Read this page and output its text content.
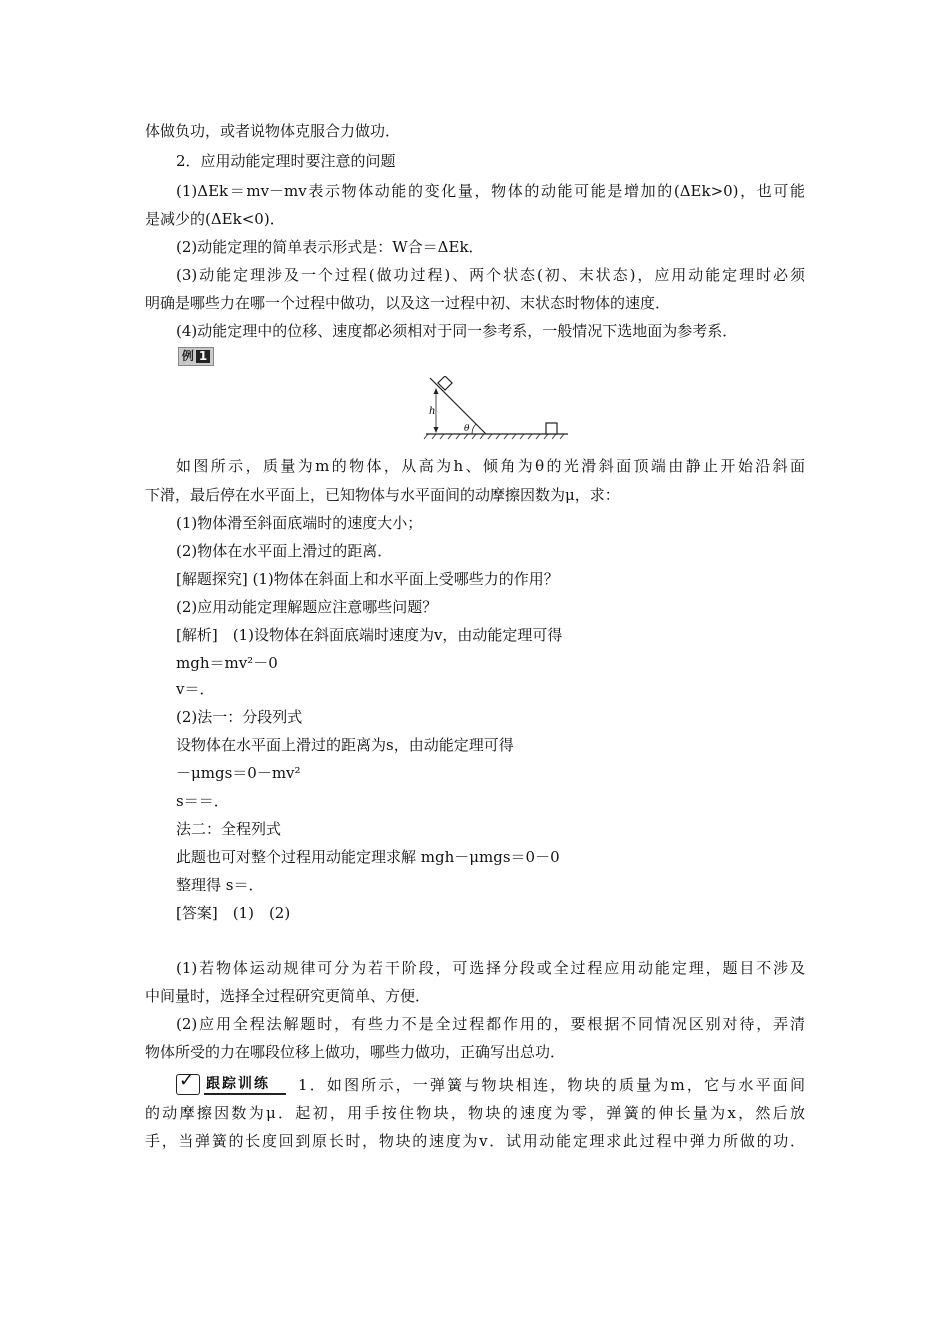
体做负功，或者说物体克服合力做功．
2．应用动能定理时要注意的问题
(1)ΔEk＝mv－mv表示物体动能的变化量，物体的动能可能是增加的(ΔEk>0)，也可能
是减少的(ΔEk<0)．
(2)动能定理的简单表示形式是：W合＝ΔEk．
(3)动能定理涉及一个过程(做功过程)、两个状态(初、末状态)，应用动能定理时必须
明确是哪些力在哪一个过程中做功，以及这一过程中初、末状态时物体的速度．
(4)动能定理中的位移、速度都必须相对于同一参考系，一般情况下选地面为参考系．
例 1
h
θ
如图所示，质量为m的物体，从高为h、倾角为θ的光滑斜面顶端由静止开始沿斜面
下滑，最后停在水平面上，已知物体与水平面间的动摩擦因数为μ，求：
(1)物体滑至斜面底端时的速度大小；
(2)物体在水平面上滑过的距离．
[解题探究] (1)物体在斜面上和水平面上受哪些力的作用？
(2)应用动能定理解题应注意哪些问题？
[解析]　(1)设物体在斜面底端时速度为v，由动能定理可得
mgh＝mv²－0
v＝．
(2)法一：分段列式
设物体在水平面上滑过的距离为s，由动能定理可得
－μmgs＝0－mv²
s＝＝．
法二：全程列式
此题也可对整个过程用动能定理求解 mgh－μmgs＝0－0
整理得 s＝．
[答案]　(1)　(2)
(1)若物体运动规律可分为若干阶段，可选择分段或全过程应用动能定理，题目不涉及
中间量时，选择全过程研究更简单、方便．
(2)应用全程法解题时，有些力不是全过程都作用的，要根据不同情况区别对待，弄清
物体所受的力在哪段位移上做功，哪些力做功，正确写出总功．
✓ 跟踪训练 1．如图所示，一弹簧与物块相连，物块的质量为m，它与水平面间
的动摩擦因数为μ．起初，用手按住物块，物块的速度为零，弹簧的伸长量为x，然后放
手，当弹簧的长度回到原长时，物块的速度为v．试用动能定理求此过程中弹力所做的功．
